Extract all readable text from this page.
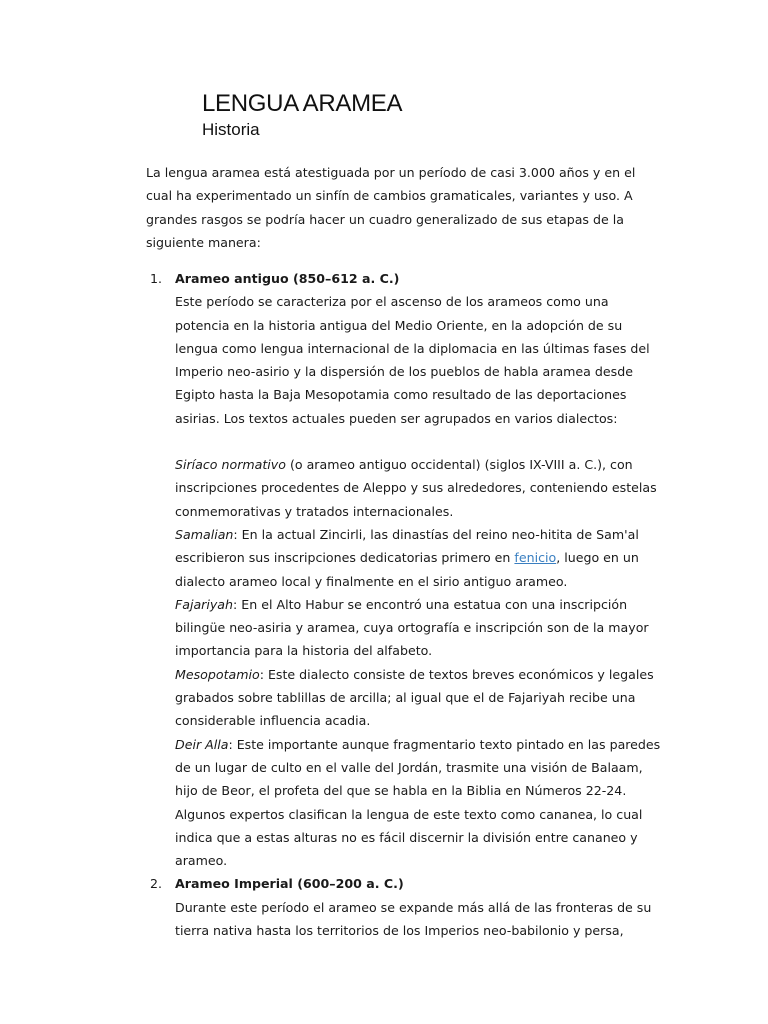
LENGUA ARAMEA
Historia
La lengua aramea está atestiguada por un período de casi 3.000 años y en el cual ha experimentado un sinfín de cambios gramaticales, variantes y uso. A grandes rasgos se podría hacer un cuadro generalizado de sus etapas de la siguiente manera:
1. Arameo antiguo (850–612 a. C.)
Este período se caracteriza por el ascenso de los arameos como una potencia en la historia antigua del Medio Oriente, en la adopción de su lengua como lengua internacional de la diplomacia en las últimas fases del Imperio neo-asirio y la dispersión de los pueblos de habla aramea desde Egipto hasta la Baja Mesopotamia como resultado de las deportaciones asirias. Los textos actuales pueden ser agrupados en varios dialectos:
Siríaco normativo (o arameo antiguo occidental) (siglos IX-VIII a. C.), con inscripciones procedentes de Aleppo y sus alrededores, conteniendo estelas conmemorativas y tratados internacionales.
Samalian: En la actual Zincirli, las dinastías del reino neo-hitita de Sam'al escribieron sus inscripciones dedicatorias primero en fenicio, luego en un dialecto arameo local y finalmente en el sirio antiguo arameo.
Fajariyah: En el Alto Habur se encontró una estatua con una inscripción bilingüe neo-asiria y aramea, cuya ortografía e inscripción son de la mayor importancia para la historia del alfabeto.
Mesopotamio: Este dialecto consiste de textos breves económicos y legales grabados sobre tablillas de arcilla; al igual que el de Fajariyah recibe una considerable influencia acadia.
Deir Alla: Este importante aunque fragmentario texto pintado en las paredes de un lugar de culto en el valle del Jordán, trasmite una visión de Balaam, hijo de Beor, el profeta del que se habla en la Biblia en Números 22-24. Algunos expertos clasifican la lengua de este texto como cananea, lo cual indica que a estas alturas no es fácil discernir la división entre cananeo y arameo.
2. Arameo Imperial (600–200 a. C.)
Durante este período el arameo se expande más allá de las fronteras de su tierra nativa hasta los territorios de los Imperios neo-babilonio y persa,
